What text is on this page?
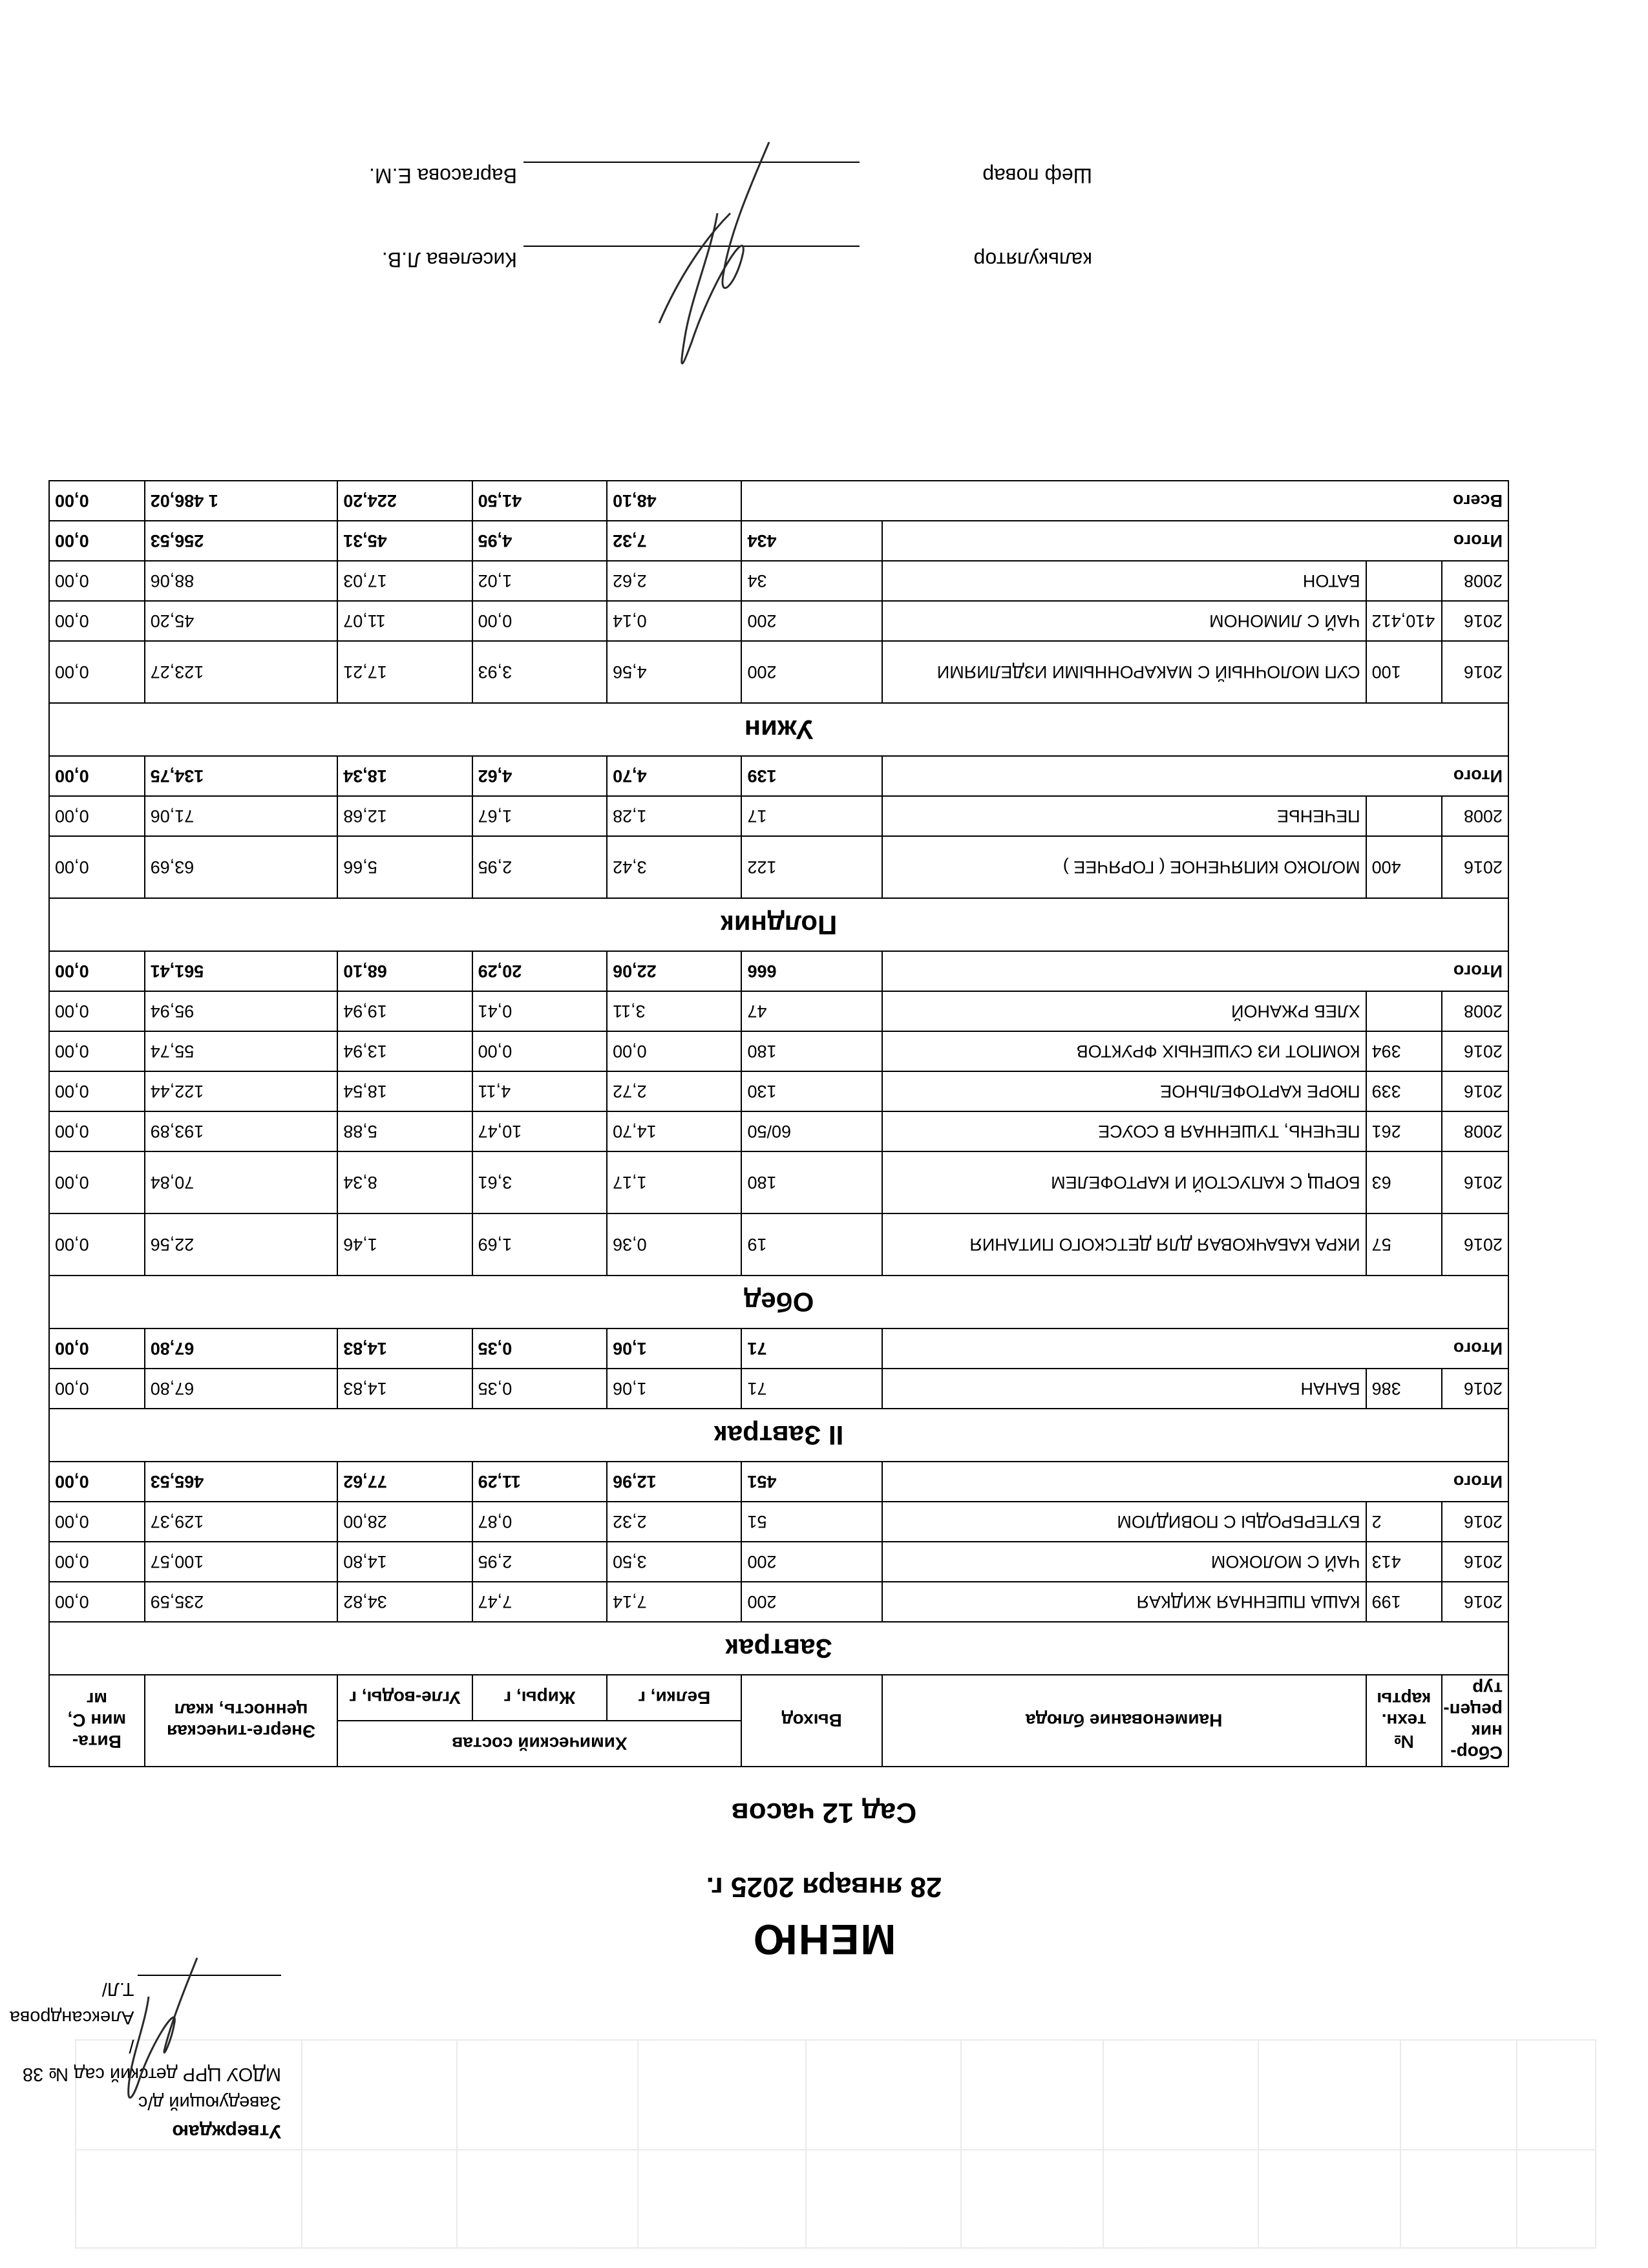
Утверждаю
Заведующий д/с
МДОУ ЦРР детский сад № 38
/Александрова Т.Л/
МЕНЮ
28 января 2025 г.
Сад 12 часов
Сбор-ник рецеп-тур	№ техн. карты	Наименование блюда	Выход	Химический состав			Энерге-тическая ценность, ккал	Вита-мин С, мг
				Белки, г	Жиры, г	Угле-воды, г		
Завтрак								
2016	199	КАША ПШЕННАЯ ЖИДКАЯ	200	7,14	7,47	34,82	235,59	0,00
2016	413	ЧАЙ С МОЛОКОМ	200	3,50	2,95	14,80	100,57	0,00
2016	2	БУТЕРБРОДЫ С ПОВИДЛОМ	51	2,32	0,87	28,00	129,37	0,00
Итого			451	12,96	11,29	77,62	465,53	0,00
II Завтрак								
2016	386	БАНАН	71	1,06	0,35	14,83	67,80	0,00
Итого			71	1,06	0,35	14,83	67,80	0,00
Обед								
2016	57	ИКРА КАБАЧКОВАЯ ДЛЯ ДЕТСКОГО ПИТАНИЯ	19	0,36	1,69	1,46	22,56	0,00
2016	63	БОРЩ С КАПУСТОЙ И КАРТОФЕЛЕМ	180	1,17	3,61	8,34	70,84	0,00
2008	261	ПЕЧЕНЬ, ТУШЕННАЯ В СОУСЕ	60/50	14,70	10,47	5,88	193,89	0,00
2016	339	ПЮРЕ КАРТОФЕЛЬНОЕ	130	2,72	4,11	18,54	122,44	0,00
2016	394	КОМПОТ ИЗ СУШЕНЫХ ФРУКТОВ	180	0,00	0,00	13,94	55,74	0,00
2008		ХЛЕБ РЖАНОЙ	47	3,11	0,41	19,94	95,94	0,00
Итого			666	22,06	20,29	68,10	561,41	0,00
Полдник								
2016	400	МОЛОКО КИПЯЧЕНОЕ ( ГОРЯЧЕЕ )	122	3,42	2,95	5,66	63,69	0,00
2008		ПЕЧЕНЬЕ	17	1,28	1,67	12,68	71,06	0,00
Итого			139	4,70	4,62	18,34	134,75	0,00
Ужин								
2016	100	СУП МОЛОЧНЫЙ С МАКАРОННЫМИ ИЗДЕЛИЯМИ	200	4,56	3,93	17,21	123,27	0,00
2016	410,412	ЧАЙ С ЛИМОНОМ	200	0,14	0,00	11,07	45,20	0,00
2008		БАТОН	34	2,62	1,02	17,03	88,06	0,00
Итого			434	7,32	4,95	45,31	256,53	0,00
Всего				48,10	41,50	224,20	1 486,02	0,00
калькулятор
Киселева Л.В.
Шеф повар
Варгасова Е.М.
